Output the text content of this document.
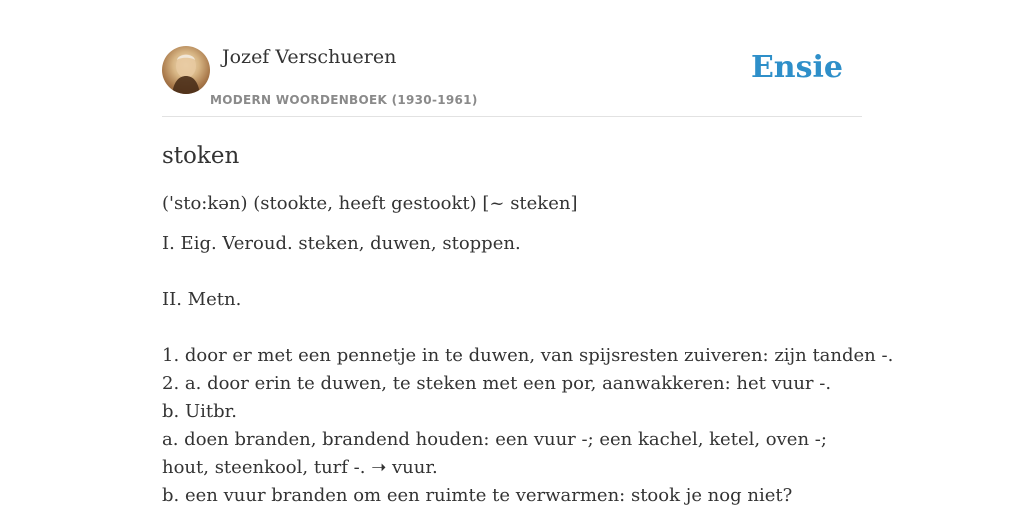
Jozef Verschueren
MODERN WOORDENBOEK (1930-1961)
Ensie
stoken
('sto:kən) (stookte, heeft gestookt) [~ steken]
I. Eig. Veroud. steken, duwen, stoppen.
II. Metn.
1. door er met een pennetje in te duwen, van spijsresten zuiveren: zijn tanden -.
2. a. door erin te duwen, te steken met een por, aanwakkeren: het vuur -.
b. Uitbr.
a. doen branden, brandend houden: een vuur -; een kachel, ketel, oven -; hout, steenkool, turf -. ➝ vuur.
b. een vuur branden om een ruimte te verwarmen: stook je nog niet?
